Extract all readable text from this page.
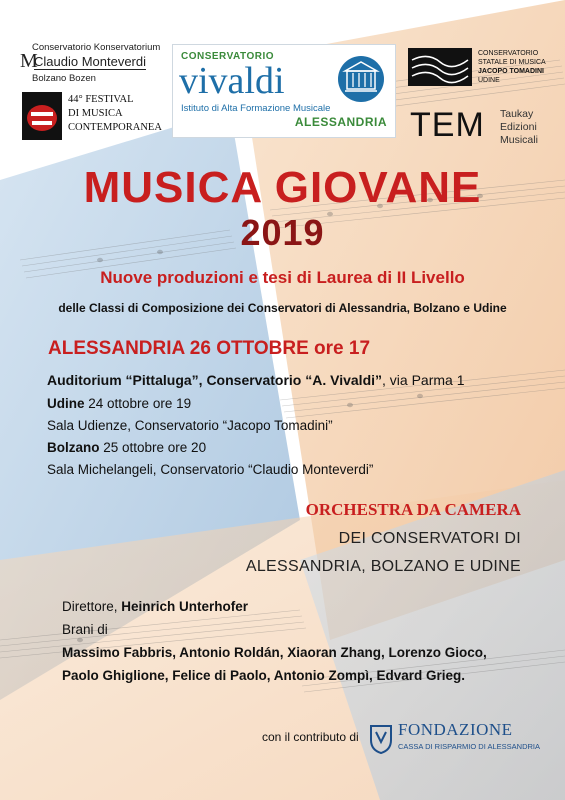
Conservatorio Konservatorium
M
Claudio Monteverdi
Bolzano Bozen
44° FESTIVAL
DI MUSICA
CONTEMPORANEA
CONSERVATORIO
vivaldi
Istituto di Alta Formazione Musicale
ALESSANDRIA
CONSERVATORIO
STATALE DI MUSICA
JACOPO TOMADINI
UDINE
TEM Taukay
Edizioni
Musicali
MUSICA GIOVANE
2019
Nuove produzioni e tesi di Laurea di II Livello
delle Classi di Composizione dei Conservatori di Alessandria, Bolzano e Udine
ALESSANDRIA 26 OTTOBRE ore 17
Auditorium “Pittaluga”, Conservatorio “A. Vivaldi”, via Parma 1
Udine 24 ottobre ore 19
Sala Udienze, Conservatorio “Jacopo Tomadini”
Bolzano 25 ottobre ore 20
Sala Michelangeli, Conservatorio “Claudio Monteverdi”
ORCHESTRA DA CAMERA
DEI CONSERVATORI DI
ALESSANDRIA, BOLZANO E UDINE
Direttore, Heinrich Unterhofer
Brani di
Massimo Fabbris, Antonio Roldán, Xiaoran Zhang, Lorenzo Gioco,
Paolo Ghiglione, Felice di Paolo, Antonio Zompì, Edvard Grieg.
con il contributo di FONDAZIONE
CASSA DI RISPARMIO DI ALESSANDRIA
